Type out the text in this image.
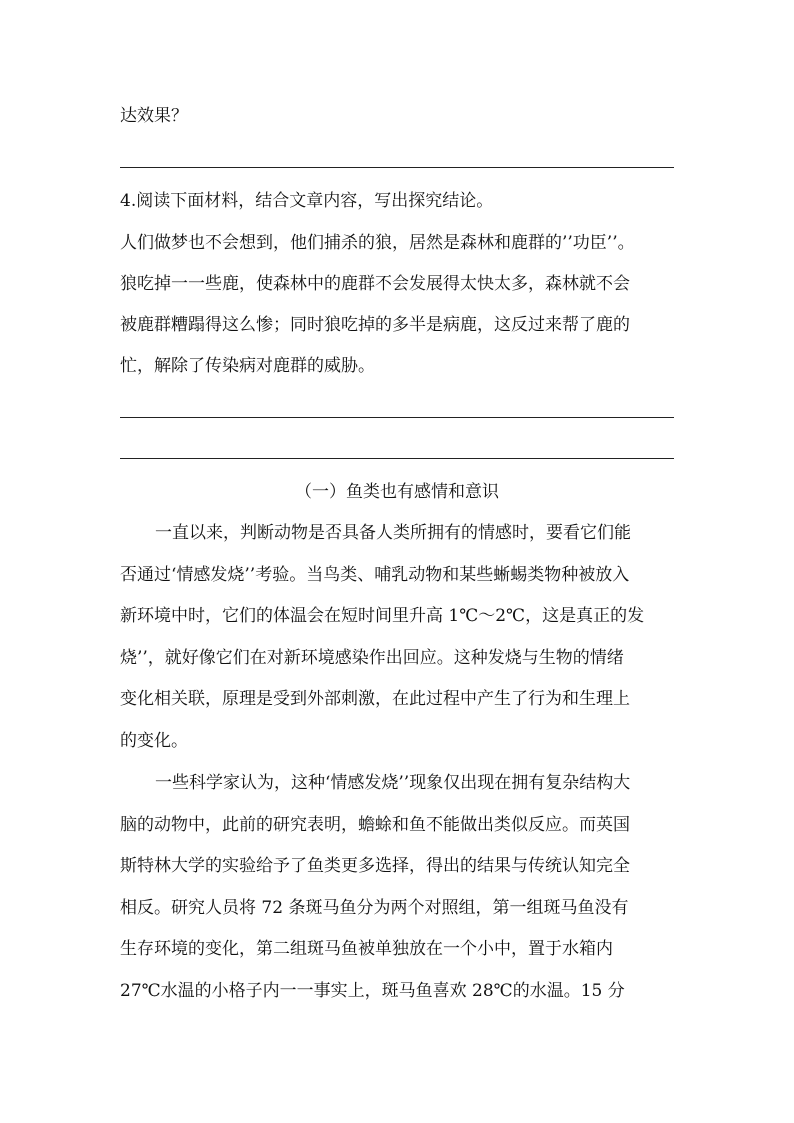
达效果？
4.阅读下面材料，结合文章内容，写出探究结论。
人们做梦也不会想到，他们捕杀的狼，居然是森林和鹿群的’’功臣’’。
狼吃掉一一些鹿，使森林中的鹿群不会发展得太快太多，森林就不会
被鹿群糟蹋得这么惨；同时狼吃掉的多半是病鹿，这反过来帮了鹿的
忙，解除了传染病对鹿群的威胁。
（一）鱼类也有感情和意识
一直以来，判断动物是否具备人类所拥有的情感时，要看它们能
否通过‘情感发烧’’考验。当鸟类、哺乳动物和某些蜥蜴类物种被放入
新环境中时，它们的体温会在短时间里升高 1℃～2℃，这是真正的发
烧’’，就好像它们在对新环境感染作出回应。这种发烧与生物的情绪
变化相关联，原理是受到外部刺激，在此过程中产生了行为和生理上
的变化。
一些科学家认为，这种‘情感发烧’’现象仅出现在拥有复杂结构大
脑的动物中，此前的研究表明，蟾蜍和鱼不能做出类似反应。而英国
斯特林大学的实验给予了鱼类更多选择，得出的结果与传统认知完全
相反。研究人员将 72 条斑马鱼分为两个对照组，第一组斑马鱼没有
生存环境的变化，第二组斑马鱼被单独放在一个小中，置于水箱内
27℃水温的小格子内一一事实上，斑马鱼喜欢 28℃的水温。15 分
